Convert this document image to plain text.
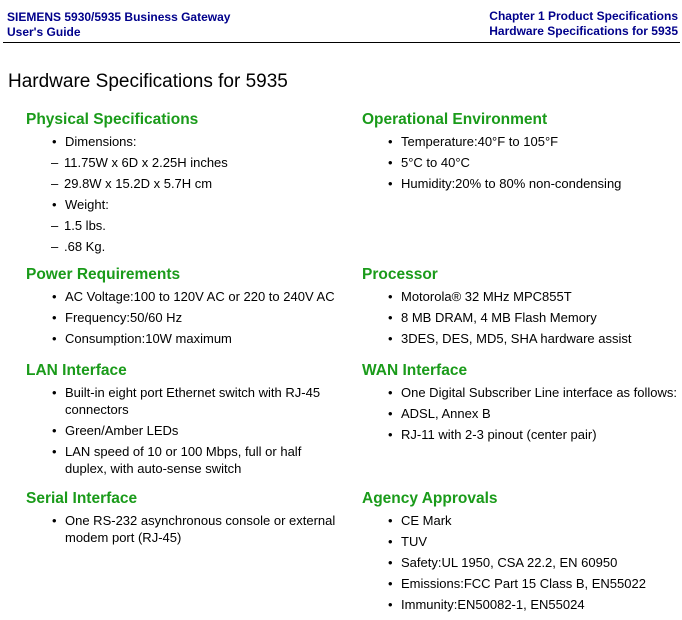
SIEMENS 5930/5935 Business Gateway
User's Guide
Chapter 1 Product Specifications
Hardware Specifications for 5935
Hardware Specifications for 5935
Physical Specifications
• Dimensions:
– 11.75W x 6D x 2.25H inches
– 29.8W x 15.2D x 5.7H cm
• Weight:
– 1.5 lbs.
– .68 Kg.
Power Requirements
• AC Voltage:100 to 120V AC or 220 to 240V AC
• Frequency:50/60 Hz
• Consumption:10W maximum
LAN Interface
• Built-in eight port Ethernet switch with RJ-45 connectors
• Green/Amber LEDs
• LAN speed of 10 or 100 Mbps, full or half duplex, with auto-sense switch
Serial Interface
• One RS-232 asynchronous console or external modem port (RJ-45)
Operational Environment
• Temperature:40°F to 105°F
• 5°C to 40°C
• Humidity:20% to 80% non-condensing
Processor
• Motorola® 32 MHz MPC855T
• 8 MB DRAM, 4 MB Flash Memory
• 3DES, DES, MD5, SHA hardware assist
WAN Interface
• One Digital Subscriber Line interface as follows:
• ADSL, Annex B
• RJ-11 with 2-3 pinout (center pair)
Agency Approvals
• CE Mark
• TUV
• Safety:UL 1950, CSA 22.2, EN 60950
• Emissions:FCC Part 15 Class B, EN55022
• Immunity:EN50082-1, EN55024
